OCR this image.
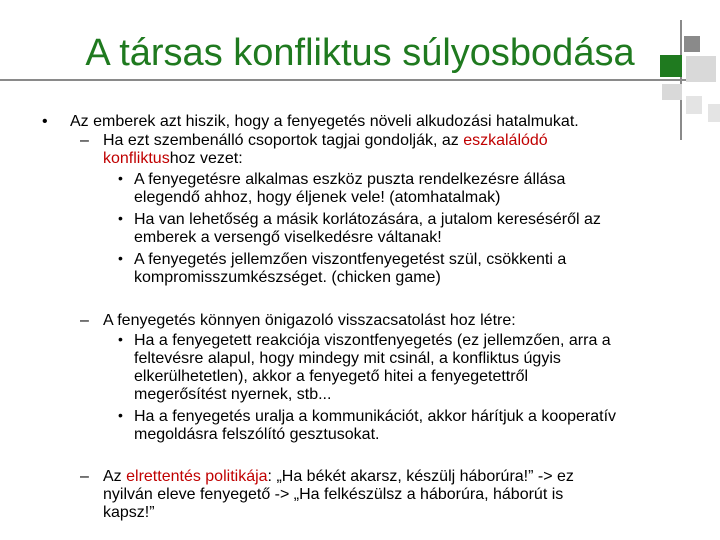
A társas konfliktus súlyosbodása
• Az emberek azt hiszik, hogy a fenyegetés növeli alkudozási hatalmukat.
– Ha ezt szembenálló csoportok tagjai gondolják, az eszkalálódó
konfliktushoz vezet:
• A fenyegetésre alkalmas eszköz puszta rendelkezésre állása
elegendő ahhoz, hogy éljenek vele! (atomhatalmak)
• Ha van lehetőség a másik korlátozására, a jutalom kereséséről az
emberek a versengő viselkedésre váltanak!
• A fenyegetés jellemzően viszontfenyegetést szül, csökkenti a
kompromisszumkészséget. (chicken game)
– A fenyegetés könnyen önigazoló visszacsatolást hoz létre:
• Ha a fenyegetett reakciója viszontfenyegetés (ez jellemzően, arra a
feltevésre alapul, hogy mindegy mit csinál, a konfliktus úgyis
elkerülhetetlen), akkor a fenyegető hitei a fenyegetettről
megerősítést nyernek, stb...
• Ha a fenyegetés uralja a kommunikációt, akkor hárítjuk a kooperatív
megoldásra felszólító gesztusokat.
– Az elrettentés politikája: „Ha békét akarsz, készülj háborúra!” -> ez
nyilván eleve fenyegető -> „Ha felkészülsz a háborúra, háborút is
kapsz!”
